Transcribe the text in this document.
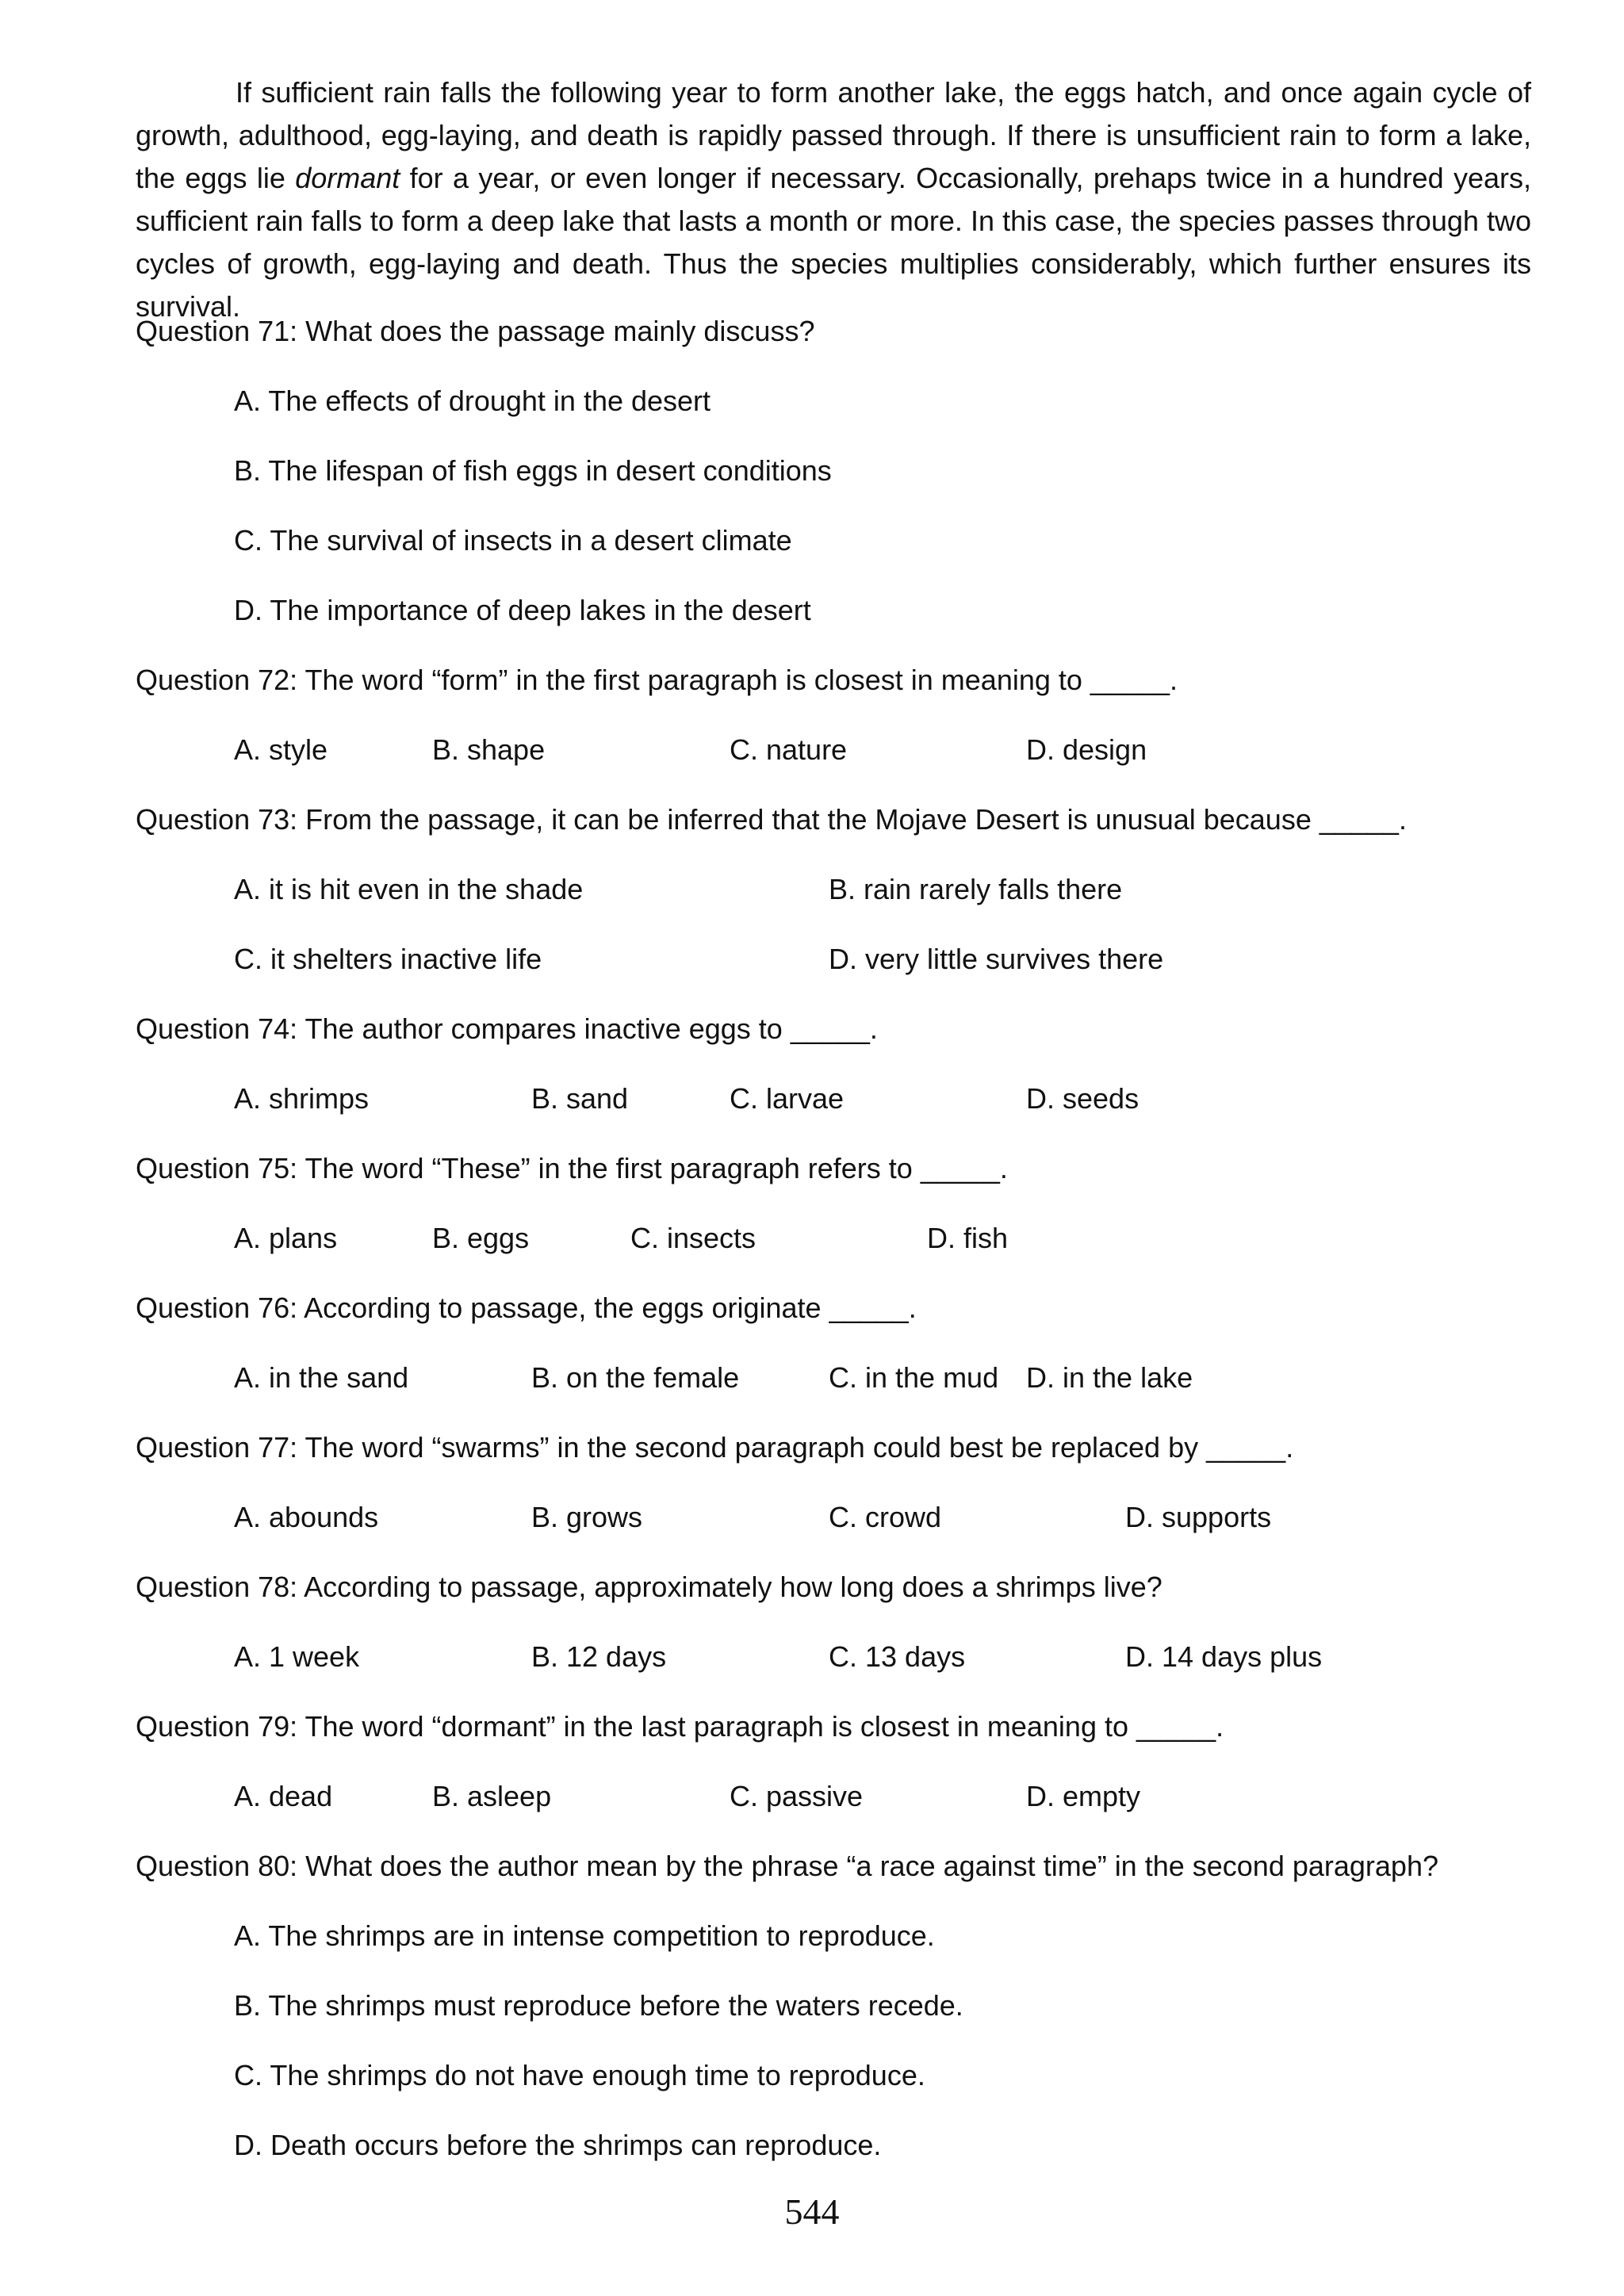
If sufficient rain falls the following year to form another lake, the eggs hatch, and once again cycle of growth, adulthood, egg-laying, and death is rapidly passed through. If there is unsufficient rain to form a lake, the eggs lie dormant for a year, or even longer if necessary. Occasionally, prehaps twice in a hundred years, sufficient rain falls to form a deep lake that lasts a month or more. In this case, the species passes through two cycles of growth, egg-laying and death. Thus the species multiplies considerably, which further ensures its survival.

Question 71: What does the passage mainly discuss?
A. The effects of drought in the desert
B. The lifespan of fish eggs in desert conditions
C. The survival of insects in a desert climate
D. The importance of deep lakes in the desert
Question 72: The word “form” in the first paragraph is closest in meaning to _____.
A. style	B. shape	C. nature	D. design
Question 73: From the passage, it can be inferred that the Mojave Desert is unusual because _____.
A. it is hit even in the shade	B. rain rarely falls there
C. it shelters inactive life	D. very little survives there
Question 74: The author compares inactive eggs to _____.
A. shrimps	B. sand	C. larvae	D. seeds
Question 75: The word “These” in the first paragraph refers to _____.
A. plans	B. eggs	C. insects	D. fish
Question 76: According to passage, the eggs originate _____.
A. in the sand	B. on the female	C. in the mud D. in the lake
Question 77: The word “swarms” in the second paragraph could best be replaced by _____.
A. abounds	B. grows	C. crowd	D. supports
Question 78: According to passage, approximately how long does a shrimps live?
A. 1 week	B. 12 days	C. 13 days	D. 14 days plus
Question 79: The word “dormant” in the last paragraph is closest in meaning to _____.
A. dead	B. asleep	C. passive	D. empty
Question 80: What does the author mean by the phrase “a race against time” in the second paragraph?
A. The shrimps are in intense competition to reproduce.
B. The shrimps must reproduce before the waters recede.
C. The shrimps do not have enough time to reproduce.
D. Death occurs before the shrimps can reproduce.
544
